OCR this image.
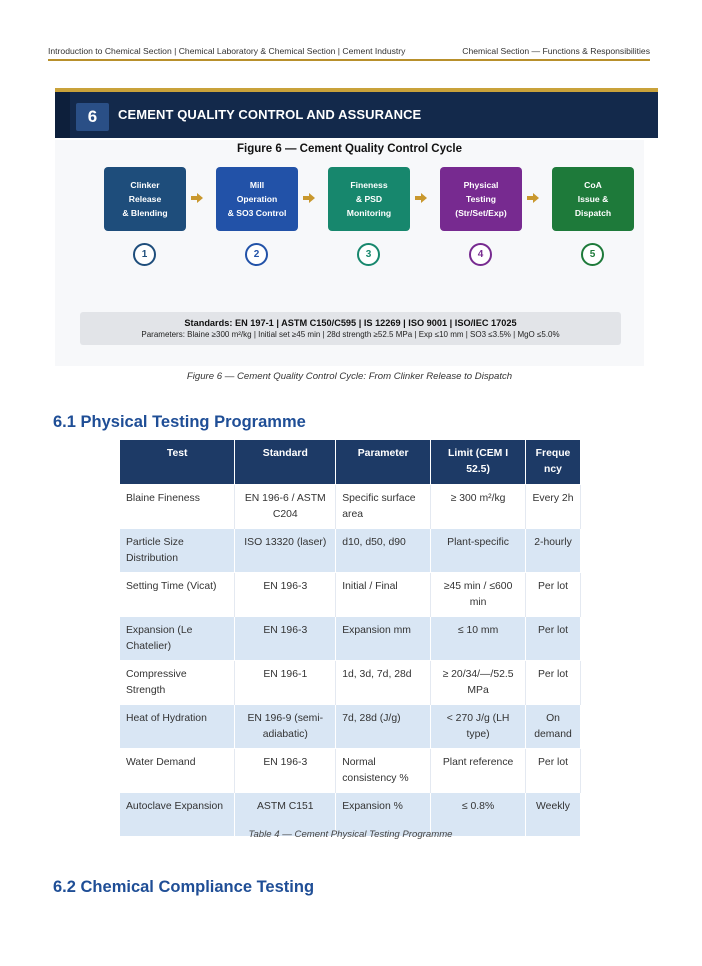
Introduction to Chemical Section | Chemical Laboratory & Chemical Section | Cement Industry	Chemical Section — Functions & Responsibilities
6	CEMENT QUALITY CONTROL AND ASSURANCE
Figure 6 — Cement Quality Control Cycle
Clinker
Release
& Blending
1
Mill
Operation
& SO3 Control
2
Fineness
& PSD
Monitoring
3
Physical
Testing
(Str/Set/Exp)
4
CoA
Issue &
Dispatch
5
Standards: EN 197-1 | ASTM C150/C595 | IS 12269 | ISO 9001 | ISO/IEC 17025
Parameters: Blaine ≥300 m²/kg | Initial set ≥45 min | 28d strength ≥52.5 MPa | Exp ≤10 mm | SO3 ≤3.5% | MgO ≤5.0%
Figure 6 — Cement Quality Control Cycle: From Clinker Release to Dispatch
6.1 Physical Testing Programme
Test	Standard	Parameter	Limit (CEM I 52.5)	Freque ncy
Blaine Fineness	EN 196-6 / ASTM C204	Specific surface area	≥ 300 m²/kg	Every 2h
Particle Size Distribution	ISO 13320 (laser)	d10, d50, d90	Plant-specific	2-hourly
Setting Time (Vicat)	EN 196-3	Initial / Final	≥45 min / ≤600 min	Per lot
Expansion (Le Chatelier)	EN 196-3	Expansion mm	≤ 10 mm	Per lot
Compressive Strength	EN 196-1	1d, 3d, 7d, 28d	≥ 20/34/—/52.5 MPa	Per lot
Heat of Hydration	EN 196-9 (semi-adiabatic)	7d, 28d (J/g)	< 270 J/g (LH type)	On demand
Water Demand	EN 196-3	Normal consistency %	Plant reference	Per lot
Autoclave Expansion	ASTM C151	Expansion %	≤ 0.8%	Weekly
Table 4 — Cement Physical Testing Programme
6.2 Chemical Compliance Testing
